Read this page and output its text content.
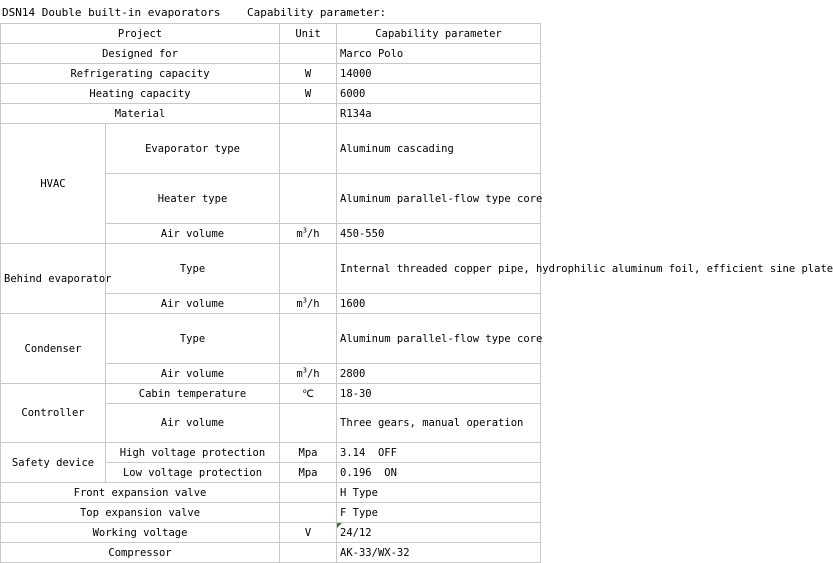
DSN14 Double built-in evaporators Capability parameter:
Project		Unit	Capability parameter
Designed for			Marco Polo
Refrigerating capacity		W	14000
Heating capacity		W	6000
Material			R134a
HVAC	Evaporator type		Aluminum cascading
	Heater type		Aluminum parallel-flow type core
	Air volume	$m^3/h$	450-550
Behind evaporator	Type		Internal threaded copper pipe, hydrophilic aluminum foil, efficient sine plate
	Air volume	$m^3/h$	1600
Condenser	Type		Aluminum parallel-flow type core
	Air volume	$m^3/h$	2800
Controller	Cabin temperature	℃	18-30
	Air volume		Three gears, manual operation
Safety device	High voltage protection	Mpa	3.14  OFF
	Low voltage protection	Mpa	0.196  ON
Front expansion valve			H Type
Top expansion valve			F Type
Working voltage		V	24/12
Compressor			AK-33/WX-32
